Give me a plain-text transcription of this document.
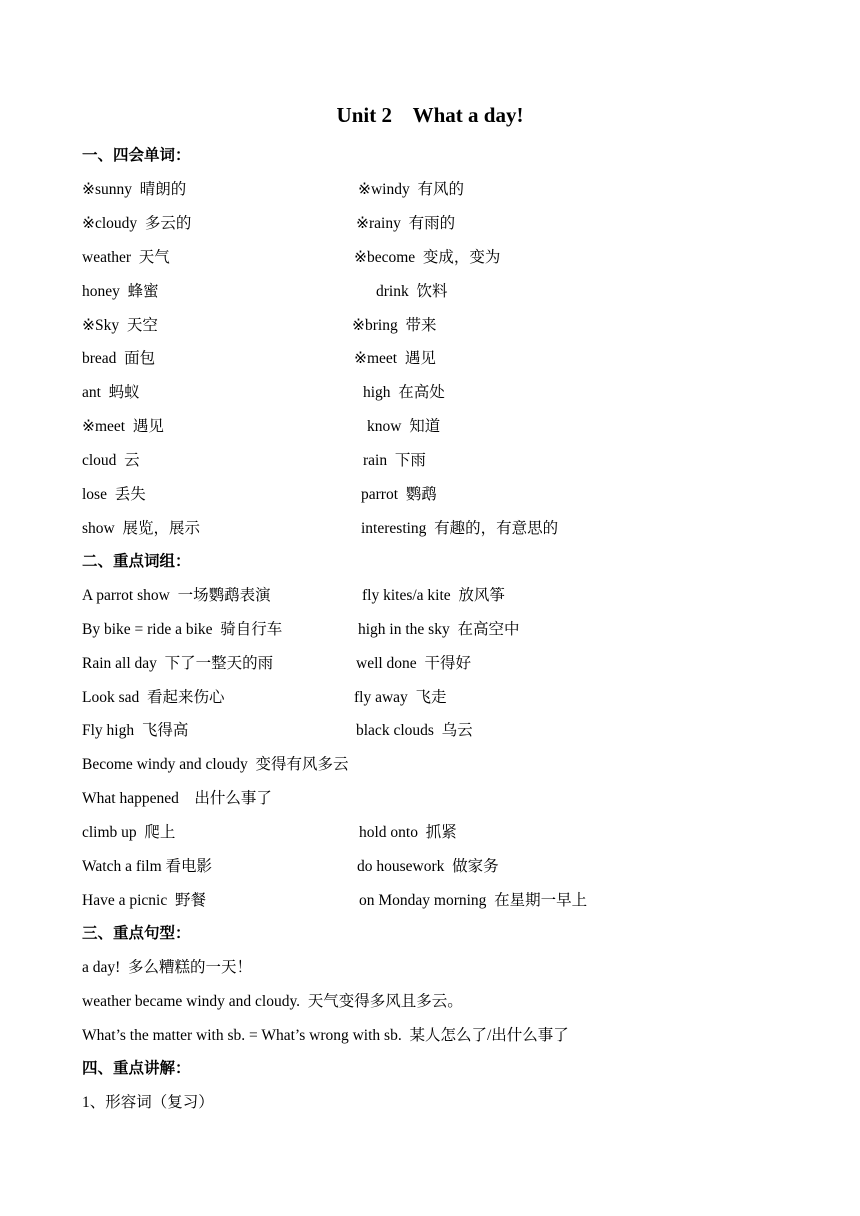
Unit 2    What a day!
一、四会单词：
※sunny  晴朗的	※windy  有风的
※cloudy  多云的	※rainy  有雨的
weather  天气	※become  变成，变为
honey  蜂蜜	drink  饮料
※Sky  天空	※bring  带来
bread  面包	※meet  遇见
ant  蚂蚁	high  在高处
※meet  遇见	know  知道
cloud  云	rain  下雨
lose  丢失	parrot  鹦鹉
show  展览，展示	interesting  有趣的，有意思的
二、重点词组：
A parrot show  一场鹦鹉表演	fly kites/a kite  放风筝
By bike = ride a bike  骑自行车	high in the sky  在高空中
Rain all day  下了一整天的雨	well done  干得好
Look sad  看起来伤心	fly away  飞走
Fly high  飞得高	black clouds  乌云
Become windy and cloudy  变得有风多云
What happened    出什么事了
climb up  爬上	hold onto  抓紧
Watch a film 看电影	do housework  做家务
Have a picnic  野餐	on Monday morning  在星期一早上
三、重点句型：
a day!  多么糟糕的一天！
weather became windy and cloudy.  天气变得多风且多云。
What’s the matter with sb. = What’s wrong with sb.  某人怎么了/出什么事了
四、重点讲解：
1、形容词（复习）
